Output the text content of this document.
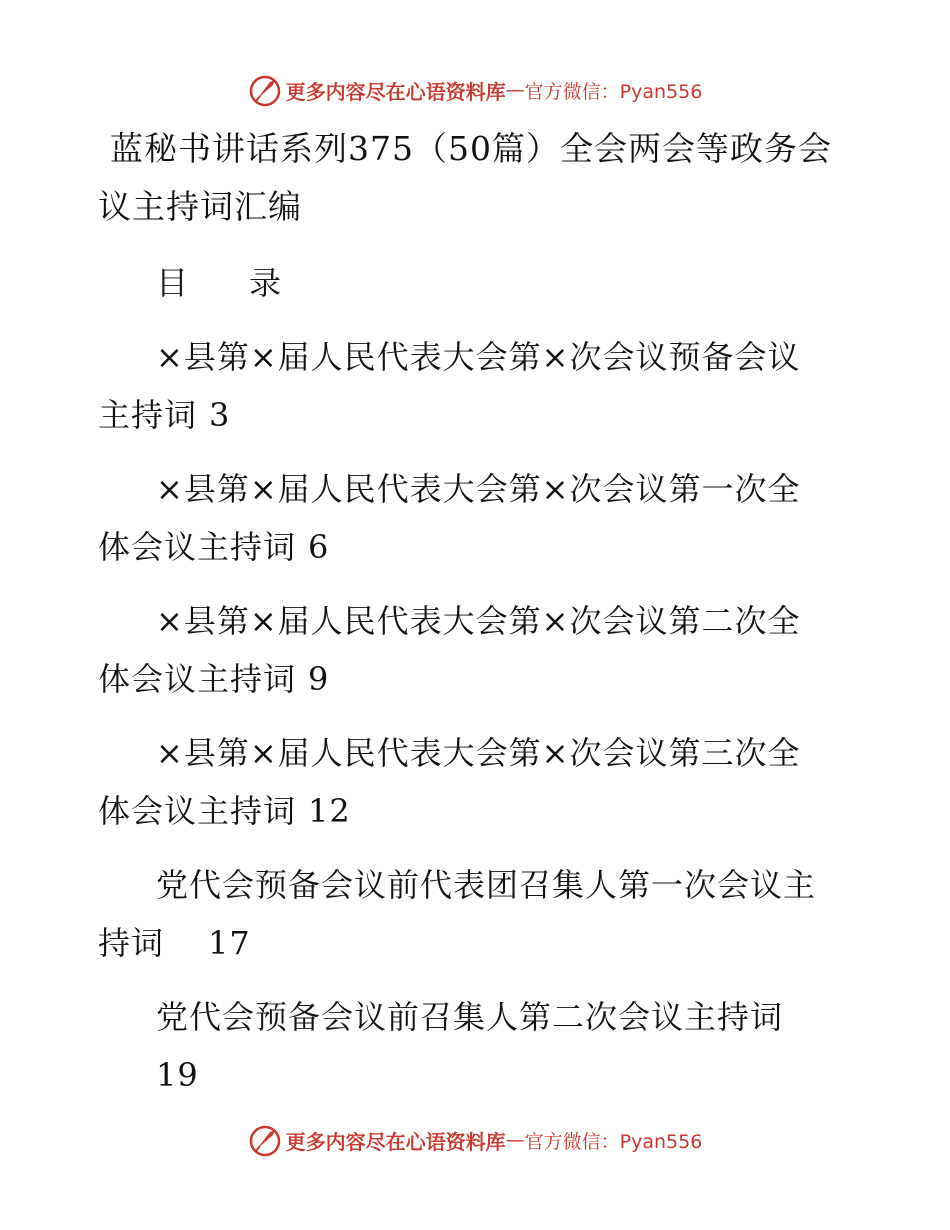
更多内容尽在心语资料库 — 官方微信：Pyan556
蓝秘书讲话系列375（50篇）全会两会等政务会
议主持词汇编
目      录
×县第×届人民代表大会第×次会议预备会议
主持词 3
×县第×届人民代表大会第×次会议第一次全
体会议主持词 6
×县第×届人民代表大会第×次会议第二次全
体会议主持词 9
×县第×届人民代表大会第×次会议第三次全
体会议主持词 12
党代会预备会议前代表团召集人第一次会议主
持词 17
党代会预备会议前召集人第二次会议主持词
19
更多内容尽在心语资料库 — 官方微信：Pyan556
